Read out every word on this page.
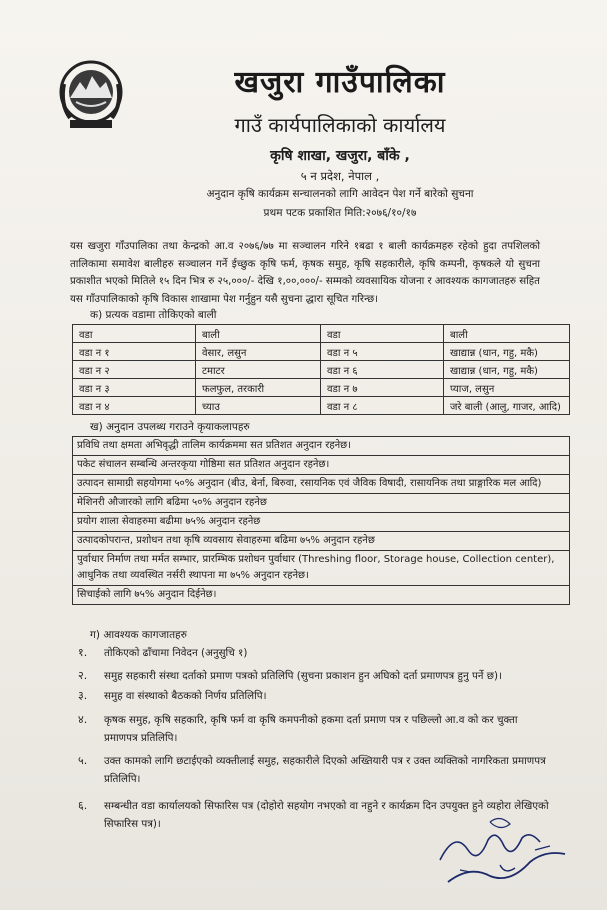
खजुरा गाउँपालिका
गाउँ कार्यपालिकाको कार्यालय
कृषि शाखा, खजुरा, बाँके ,
५ न प्रदेश, नेपाल ,
अनुदान कृषि कार्यक्रम सन्चालनको लागि आवेदन पेश गर्ने बारेको सुचना
प्रथम पटक प्रकाशित मिति:२०७६/१०/१७
यस खजुरा गाँउपालिका तथा केन्द्रको आ.व २०७६/७७ मा सञ्चालन गरिने १बढा १ बाली कार्यक्रमहरु रहेको हुदा तपशिलको तालिकामा समावेश बालीहरु सञ्चालन गर्ने ईच्छुक कृषि फर्म, कृषक समुह, कृषि सहकारीले, कृषि कम्पनी, कृषकले यो सुचना प्रकाशीत भएको मितिले १५ दिन भित्र रु २५,०००/- देखि १,००,०००/- सम्मको व्यवसायिक योजना र आवश्यक कागजातहरु सहित यस गाँउपालिकाको कृषि विकास शाखामा पेश गर्नुहुन यसै सुचना द्धारा सूचित गरिन्छ।
क) प्रत्यक वडामा तोकिएको बाली
वडा	बाली	वडा	बाली
वडा न १	वेसार, लसुन	वडा न ५	खाद्यान्न (धान, गहु, मकै)
वडा न २	टमाटर	वडा न ६	खाद्यान्न (धान, गहु, मकै)
वडा न ३	फलफुल, तरकारी	वडा न ७	प्याज, लसुन
वडा न ४	च्याउ	वडा न ८	जरे बाली (आलु, गाजर, आदि)
ख) अनुदान उपलब्ध गराउने कृयाकलापहरु
प्रविधि तथा क्षमता अभिवृद्धी तालिम कार्यक्रममा सत प्रतिशत अनुदान रहनेछ।
पकेट संचालन सम्बन्धि अन्तरकृया गोष्ठिमा सत प्रतिशत अनुदान रहनेछ।
उत्पादन सामाग्री सहयोगमा ५०% अनुदान (बीउ, बेर्ना, बिरुवा, रसायनिक एवं जैविक विषादी, रासायनिक तथा प्राङ्गारिक मल आदि)
मेशिनरी औजारको लागि बढिमा ५०% अनुदान रहनेछ
प्रयोग शाला सेवाहरुमा बढीमा ७५% अनुदान रहनेछ
उत्पादकोपरान्त, प्रशोधन तथा कृषि व्यवसाय सेवाहरुमा बढिमा ७५% अनुदान रहनेछ
पुर्वाधार निर्माण तथा मर्मत सम्भार, प्रारम्भिक प्रशोधन पुर्वाधार (Threshing floor, Storage house, Collection center), आधुनिक तथा व्यवस्थित नर्सरी स्थापना मा ७५% अनुदान रहनेछ।
सिचाईको लागि ७५% अनुदान दिईनेछ।
ग) आवश्यक कागजातहरु
१. तोकिएको ढाँचामा निवेदन (अनुसुचि १)
२. समुह सहकारी संस्था दर्ताको प्रमाण पत्रको प्रतिलिपि (सुचना प्रकाशन हुन अघिको दर्ता प्रमाणपत्र हुनु पर्ने छ)।
३. समुह वा संस्थाको बैठकको निर्णय प्रतिलिपि।
४. कृषक समुह, कृषि सहकारि, कृषि फर्म वा कृषि कमपनीको हकमा दर्ता प्रमाण पत्र र पछिल्लो आ.व को कर चुक्ता प्रमाणपत्र प्रतिलिपि।
५. उक्त कामको लागि छटाईएको व्यक्तीलाई समुह, सहकारीले दिएको अख्तियारी पत्र र उक्त व्यक्तिको नागरिकता प्रमाणपत्र प्रतिलिपि।
६. सम्बन्धीत वडा कार्यालयको सिफारिस पत्र (दोहोरो सहयोग नभएको वा नहुने र कार्यक्रम दिन उपयुक्त हुने व्यहोरा लेखिएको सिफारिस पत्र)।
